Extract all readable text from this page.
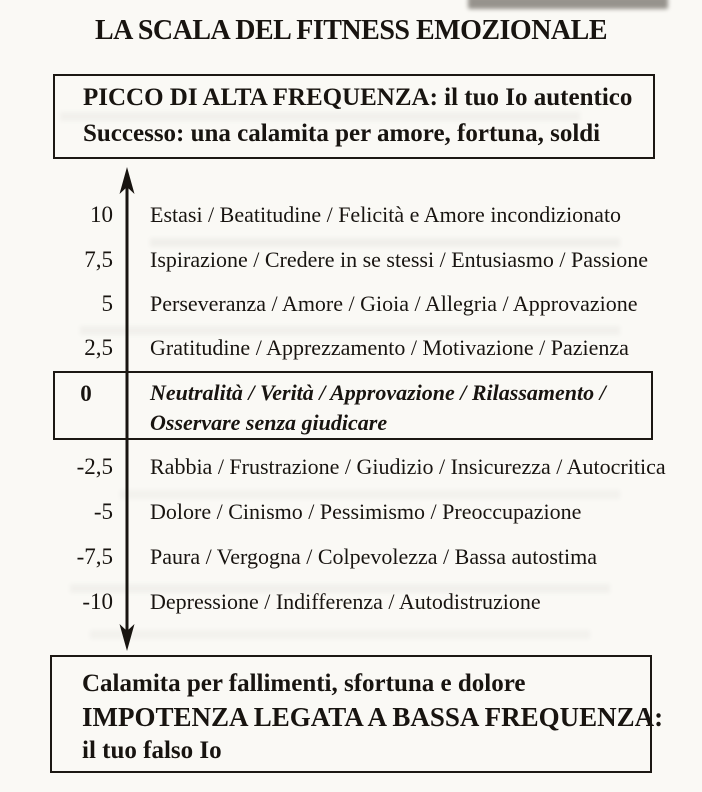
LA SCALA DEL FITNESS EMOZIONALE
PICCO DI ALTA FREQUENZA: il tuo Io autentico
Successo: una calamita per amore, fortuna, soldi
10 Estasi / Beatitudine / Felicità e Amore incondizionato
7,5 Ispirazione / Credere in se stessi / Entusiasmo / Passione
5 Perseveranza / Amore / Gioia / Allegria / Approvazione
2,5 Gratitudine / Apprezzamento / Motivazione / Pazienza
0	Neutralità / Verità / Approvazione / Rilassamento /
Osservare senza giudicare
-2,5 Rabbia / Frustrazione / Giudizio / Insicurezza / Autocritica
-5 Dolore / Cinismo / Pessimismo / Preoccupazione
-7,5 Paura / Vergogna / Colpevolezza / Bassa autostima
-10 Depressione / Indifferenza / Autodistruzione
Calamita per fallimenti, sfortuna e dolore
IMPOTENZA LEGATA A BASSA FREQUENZA:
il tuo falso Io
